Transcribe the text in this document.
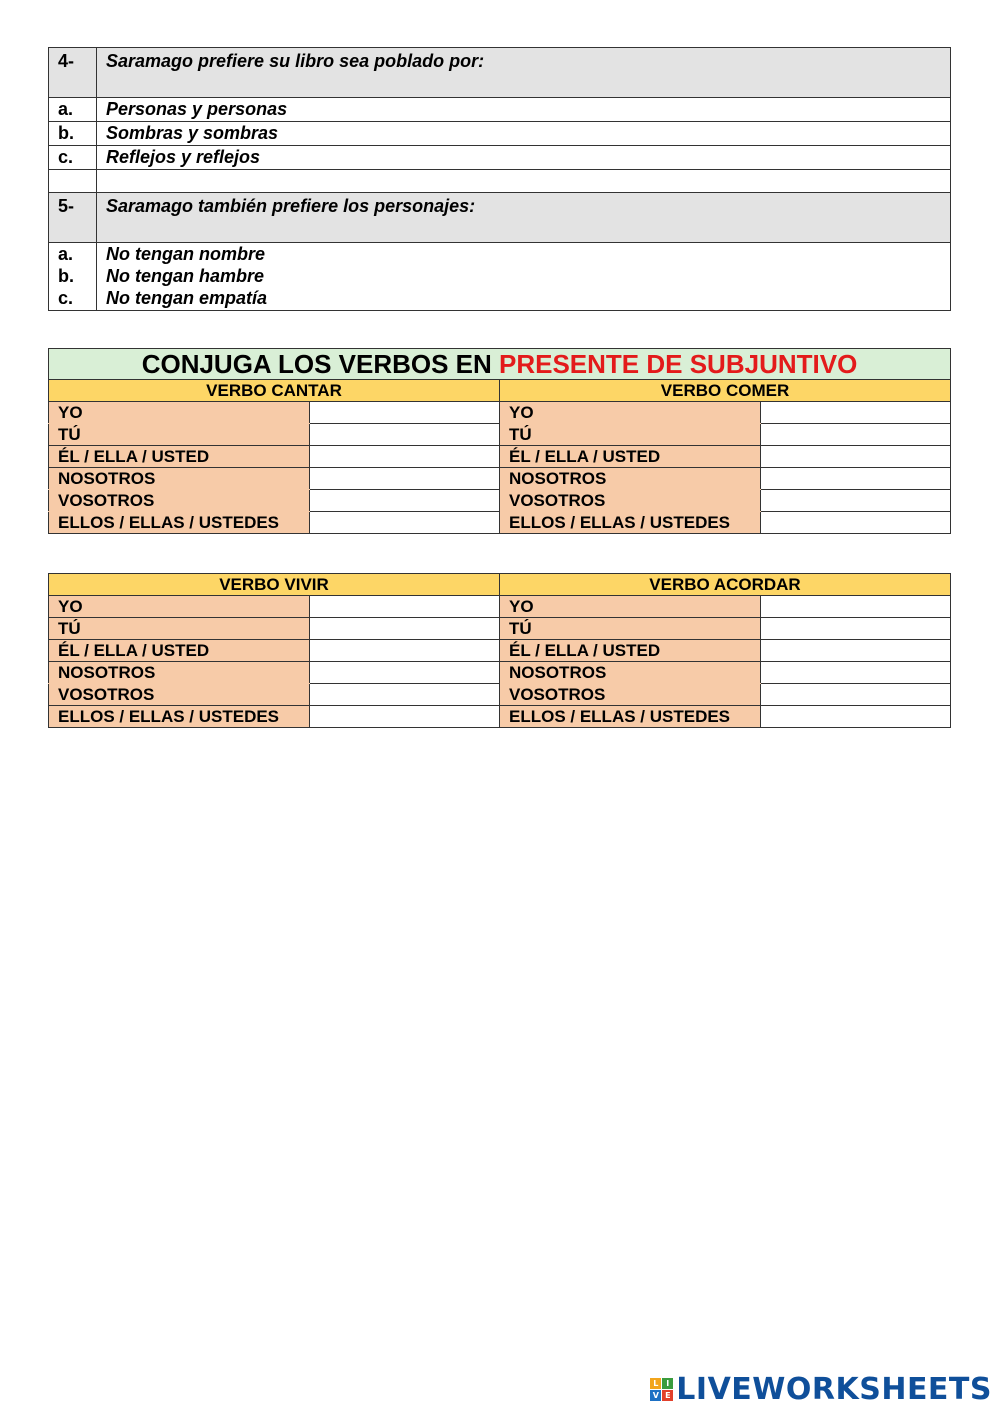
4-	Saramago prefiere su libro sea poblado por:
a.	Personas y personas
b.	Sombras y sombras
c.	Reflejos y reflejos

5-	Saramago también prefiere los personajes:
a.	No tengan nombre
b.	No tengan hambre
c.	No tengan empatía
CONJUGA LOS VERBOS EN PRESENTE DE SUBJUNTIVO			
VERBO CANTAR		VERBO COMER	
YO		YO	
TÚ		TÚ	
ÉL / ELLA / USTED		ÉL / ELLA / USTED	
NOSOTROS		NOSOTROS	
VOSOTROS		VOSOTROS	
ELLOS / ELLAS / USTEDES		ELLOS / ELLAS / USTEDES	
VERBO VIVIR		VERBO ACORDAR	
YO		YO	
TÚ		TÚ	
ÉL / ELLA / USTED		ÉL / ELLA / USTED	
NOSOTROS		NOSOTROS	
VOSOTROS		VOSOTROS	
ELLOS / ELLAS / USTEDES		ELLOS / ELLAS / USTEDES	
L I
V E LIVEWORKSHEETS
